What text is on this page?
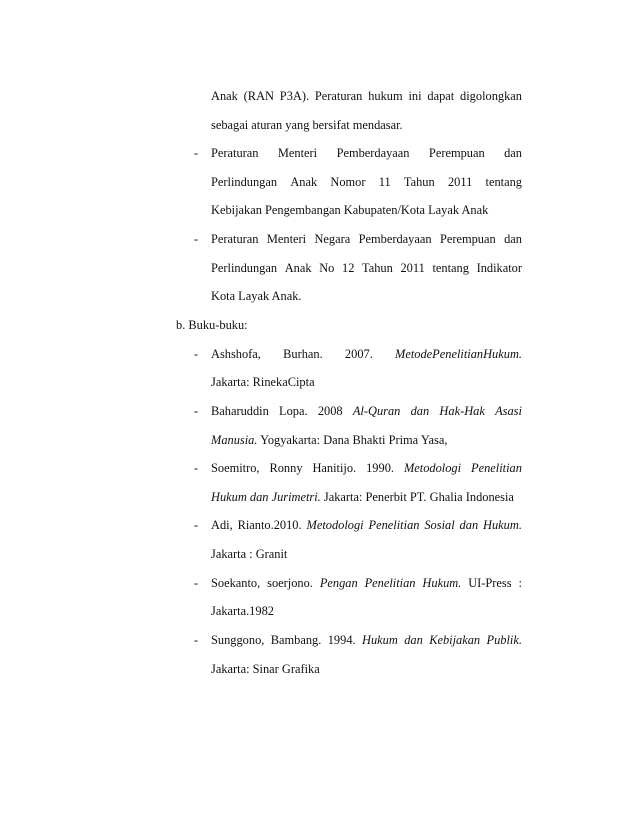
Anak (RAN P3A). Peraturan hukum ini dapat digolongkan
sebagai aturan yang bersifat mendasar.
- Peraturan Menteri Pemberdayaan Perempuan dan
Perlindungan Anak Nomor 11 Tahun 2011 tentang
Kebijakan Pengembangan Kabupaten/Kota Layak Anak
- Peraturan Menteri Negara Pemberdayaan Perempuan dan
Perlindungan Anak No 12 Tahun 2011 tentang Indikator
Kota Layak Anak.
b. Buku-buku:
- Ashshofa, Burhan. 2007. MetodePenelitianHukum.
Jakarta: RinekaCipta
- Baharuddin Lopa. 2008 Al-Quran dan Hak-Hak Asasi
Manusia. Yogyakarta: Dana Bhakti Prima Yasa,
- Soemitro, Ronny Hanitijo. 1990. Metodologi Penelitian
Hukum dan Jurimetri. Jakarta: Penerbit PT. Ghalia Indonesia
- Adi, Rianto.2010. Metodologi Penelitian Sosial dan Hukum.
Jakarta : Granit
- Soekanto, soerjono. Pengan Penelitian Hukum. UI-Press :
Jakarta.1982
- Sunggono, Bambang. 1994. Hukum dan Kebijakan Publik.
Jakarta: Sinar Grafika
